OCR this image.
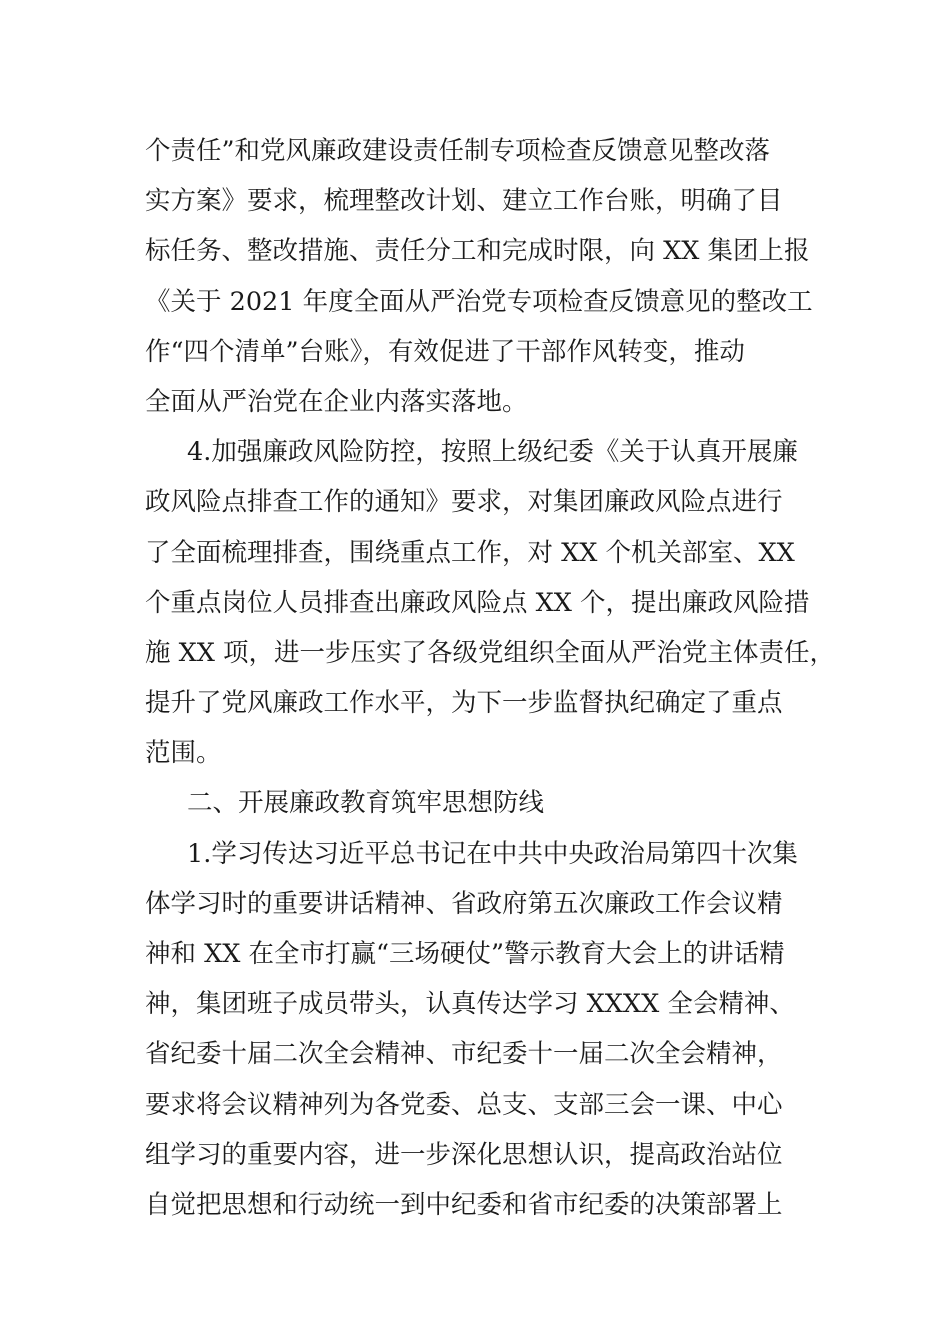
个责任”和党风廉政建设责任制专项检查反馈意见整改落
实方案》要求，梳理整改计划、建立工作台账，明确了目
标任务、整改措施、责任分工和完成时限，向 XX 集团上报
《关于 2021 年度全面从严治党专项检查反馈意见的整改工
作“四个清单”台账》，有效促进了干部作风转变，推动
全面从严治党在企业内落实落地。
4.加强廉政风险防控，按照上级纪委《关于认真开展廉
政风险点排查工作的通知》要求，对集团廉政风险点进行
了全面梳理排查，围绕重点工作，对 XX 个机关部室、XX
个重点岗位人员排查出廉政风险点 XX 个，提出廉政风险措
施 XX 项，进一步压实了各级党组织全面从严治党主体责任，
提升了党风廉政工作水平，为下一步监督执纪确定了重点
范围。
二、开展廉政教育筑牢思想防线
1.学习传达习近平总书记在中共中央政治局第四十次集
体学习时的重要讲话精神、省政府第五次廉政工作会议精
神和 XX 在全市打赢“三场硬仗”警示教育大会上的讲话精
神，集团班子成员带头，认真传达学习 XXXX 全会精神、
省纪委十届二次全会精神、市纪委十一届二次全会精神，
要求将会议精神列为各党委、总支、支部三会一课、中心
组学习的重要内容，进一步深化思想认识，提高政治站位
自觉把思想和行动统一到中纪委和省市纪委的决策部署上
